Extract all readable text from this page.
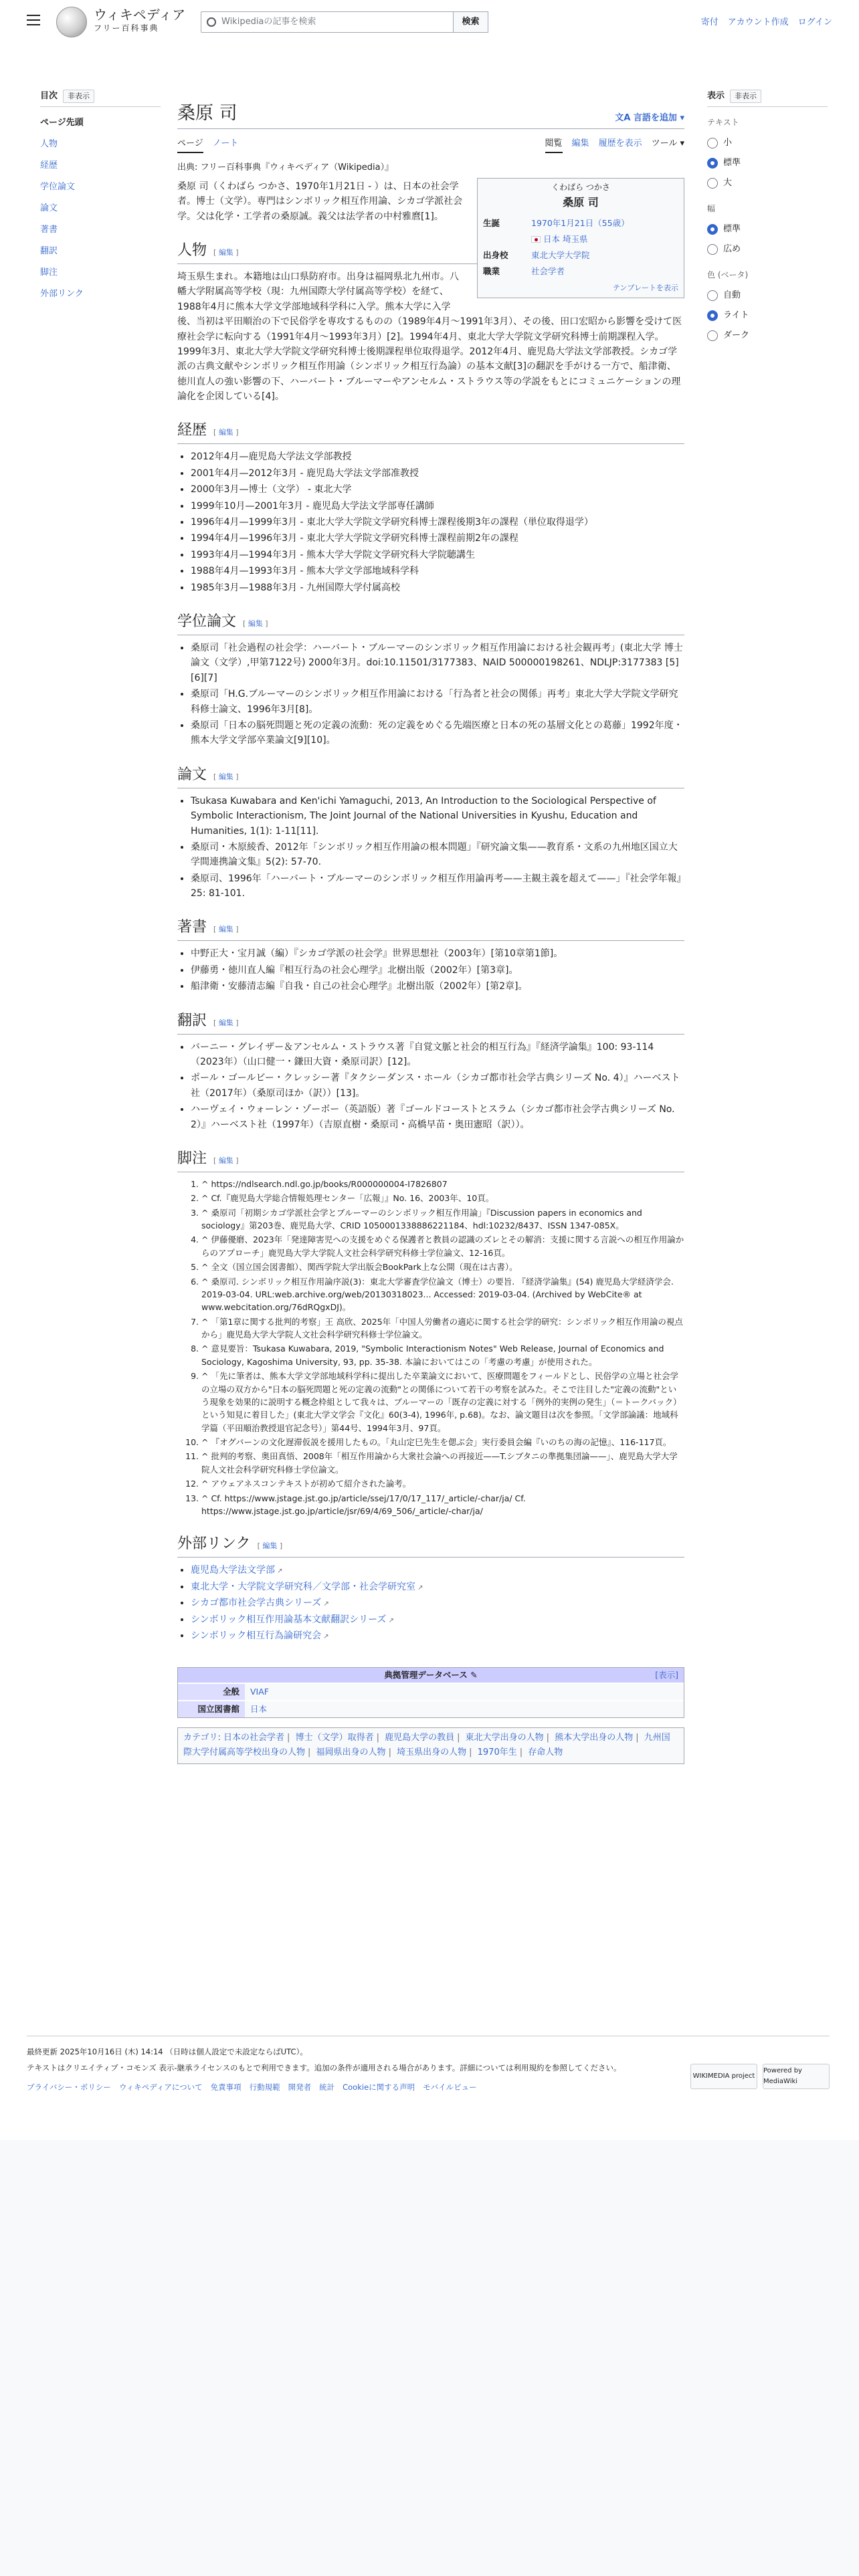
ウィキペディア
フリー百科事典
Wikipediaの記事を検索	検索	寄付 アカウント作成 ログイン
目次	非表示
ページ先頭
人物
経歴
学位論文
論文
著書
翻訳
脚注
外部リンク
桑原 司	文A 言語を追加 ▾
ページ ノート	閲覧 編集 履歴を表示 ツール ▾
出典: フリー百科事典『ウィキペディア（Wikipedia）』
くわばら つかさ
桑原 司
生誕	1970年1月21日（55歳）
	日本 埼玉県
出身校	東北大学大学院
職業	社会学者
テンプレートを表示

桑原 司（くわばら つかさ、1970年1月21日 - ）は、日本の社会学者。博士（文学）。専門はシンボリック相互作用論、シカゴ学派社会学。父は化学・工学者の桑原誠。義父は法学者の中村雅麿[1]。

人物 [ 編集 ]

埼玉県生まれ。本籍地は山口県防府市。出身は福岡県北九州市。八幡大学附属高等学校（現：九州国際大学付属高等学校）を経て、1988年4月に熊本大学文学部地域科学科に入学。熊本大学に入学後、当初は平田順治の下で民俗学を専攻するものの（1989年4月～1991年3月）、その後、田口宏昭から影響を受けて医療社会学に転向する（1991年4月～1993年3月）[2]。1994年4月、東北大学大学院文学研究科博士前期課程入学。1999年3月、東北大学大学院文学研究科博士後期課程単位取得退学。2012年4月、鹿児島大学法文学部教授。シカゴ学派の古典文献やシンボリック相互作用論（シンボリック相互行為論）の基本文献[3]の翻訳を手がける一方で、船津衛、徳川直人の強い影響の下、ハーバート・ブルーマーやアンセルム・ストラウス等の学説をもとにコミュニケーションの理論化を企図している[4]。

経歴 [ 編集 ]
• 2012年4月—鹿児島大学法文学部教授
• 2001年4月—2012年3月 - 鹿児島大学法文学部准教授
• 2000年3月—博士（文学） - 東北大学
• 1999年10月—2001年3月 - 鹿児島大学法文学部専任講師
• 1996年4月—1999年3月 - 東北大学大学院文学研究科博士課程後期3年の課程（単位取得退学）
• 1994年4月—1996年3月 - 東北大学大学院文学研究科博士課程前期2年の課程
• 1993年4月—1994年3月 - 熊本大学大学院文学研究科大学院聴講生
• 1988年4月—1993年3月 - 熊本大学文学部地域科学科
• 1985年3月—1988年3月 - 九州国際大学付属高校
学位論文 [ 編集 ]
• 桑原司「社会過程の社会学：ハーバート・ブルーマーのシンボリック相互作用論における社会観再考」(東北大学 博士論文（文学）,甲第7122号) 2000年3月。doi:10.11501/3177383、NAID 500000198261、NDLJP:3177383 [5][6][7]
• 桑原司「H.G.ブルーマーのシンボリック相互作用論における「行為者と社会の関係」再考」東北大学大学院文学研究科修士論文、1996年3月[8]。
• 桑原司「日本の脳死問題と死の定義の流動：死の定義をめぐる先端医療と日本の死の基層文化との葛藤」1992年度・熊本大学文学部卒業論文[9][10]。
論文 [ 編集 ]
• Tsukasa Kuwabara and Ken'ichi Yamaguchi, 2013, An Introduction to the Sociological Perspective of Symbolic Interactionism, The Joint Journal of the National Universities in Kyushu, Education and Humanities, 1(1): 1-11[11].
• 桑原司・木原綾香、2012年「シンボリック相互作用論の根本問題」『研究論文集——教育系・文系の九州地区国立大学間連携論文集』5(2): 57-70.
• 桑原司、1996年「ハーバート・ブルーマーのシンボリック相互作用論再考——主観主義を超えて——」『社会学年報』25: 81-101.
著書 [ 編集 ]
• 中野正大・宝月誠（編）『シカゴ学派の社会学』世界思想社（2003年）[第10章第1節]。
• 伊藤勇・徳川直人編『相互行為の社会心理学』北樹出版（2002年）[第3章]。
• 船津衛・安藤清志編『自我・自己の社会心理学』北樹出版（2002年）[第2章]。
翻訳 [ 編集 ]
• バーニー・グレイザー＆アンセルム・ストラウス著『自覚文脈と社会的相互行為』『経済学論集』100: 93-114（2023年）（山口健一・鎌田大資・桑原司訳）[12]。
• ポール・ゴールビー・クレッシー著『タクシーダンス・ホール（シカゴ都市社会学古典シリーズ No. 4）』ハーベスト社（2017年）（桑原司ほか（訳））[13]。
• ハーヴェイ・ウォーレン・ゾーボー（英語版）著『ゴールドコーストとスラム（シカゴ都市社会学古典シリーズ No. 2）』ハーベスト社（1997年）（吉原直樹・桑原司・高橋早苗・奥田憲昭（訳））。
脚注 [ 編集 ]
1. ^ https://ndlsearch.ndl.go.jp/books/R000000004-I7826807
2. ^ Cf.『鹿児島大学総合情報処理センター「広報」』No. 16、2003年、10頁。
3. ^ 桑原司「初期シカゴ学派社会学とブルーマーのシンボリック相互作用論」『Discussion papers in economics and sociology』第203巻、鹿児島大学、CRID 1050001338886221184、hdl:10232/8437、ISSN 1347-085X。
4. ^ 伊藤優磨、2023年「発達障害児への支援をめぐる保護者と教員の認識のズレとその解消：支援に関する言説への相互作用論からのアプローチ」鹿児島大学大学院人文社会科学研究科修士学位論文、12-16頁。
5. ^ 全文（国立国会図書館）、関西学院大学出版会BookPark上な公開（現在は古書）。
6. ^ 桑原司. シンボリック相互作用論序説(3)：東北大学審査学位論文（博士）の要旨. 『経済学論集』(54) 鹿児島大学経済学会. 2019-03-04. URL:web.archive.org/web/20130318023... Accessed: 2019-03-04. (Archived by WebCite® at www.webcitation.org/76dRQgxDJ)。
7. ^ 「第1章に関する批判的考察」王 高欣、2025年「中国人労働者の適応に関する社会学的研究：シンボリック相互作用論の視点から」鹿児島大学大学院人文社会科学研究科修士学位論文。
8. ^ 意見要旨：Tsukasa Kuwabara, 2019, "Symbolic Interactionism Notes" Web Release, Journal of Economics and Sociology, Kagoshima University, 93, pp. 35-38. 本論においてはこの「考慮の考慮」が使用された。
9. ^ 「先に筆者は、熊本大学文学部地域科学科に提出した卒業論文において、医療問題をフィールドとし、民俗学の立場と社会学の立場の双方から"日本の脳死問題と死の定義の流動"との関係について若干の考察を試みた。そこで注目した"定義の流動"という現象を効果的に説明する概念枠組として我々は、ブルーマーの「既存の定義に対する「例外的実例の発生」（＝トークバック）という知見に着目した」(東北大学文学会『文化』60(3-4), 1996年, p.68)。なお、論文題目は次を参照。「文学部論議：地域科学篇（平田順治教授退官記念号）」第44号、1994年3月、97頁。
10. ^ 『オグバーンの文化遅滞仮説を援用したもの。「丸山定巳先生を偲ぶ会」実行委員会編『いのちの海の記憶』、116-117頁。
11. ^ 批判的考察、奥田真悟、2008年「相互作用論から大衆社会論への再接近——T.シブタニの準拠集団論——」、鹿児島大学大学院人文社会科学研究科修士学位論文。
12. ^ アウェアネスコンテキストが初めて紹介された論考。
13. ^ Cf. https://www.jstage.jst.go.jp/article/ssej/17/0/17_117/_article/-char/ja/ Cf. https://www.jstage.jst.go.jp/article/jsr/69/4/69_506/_article/-char/ja/
外部リンク [ 編集 ]
• 鹿児島大学法文学部 ↗
• 東北大学・大学院文学研究科／文学部・社会学研究室 ↗
• シカゴ都市社会学古典シリーズ ↗
• シンボリック相互作用論基本文献翻訳シリーズ ↗
• シンボリック相互行為論研究会 ↗
典拠管理データベース ✎	[表示]
全般	VIAF
国立図書館	日本
カテゴリ: 日本の社会学者 | 博士（文学）取得者 | 鹿児島大学の教員 | 東北大学出身の人物 | 熊本大学出身の人物 | 九州国際大学付属高等学校出身の人物 | 福岡県出身の人物 | 埼玉県出身の人物 | 1970年生 | 存命人物
表示	非表示
テキスト
小
標準
大
幅
標準
広め
色 (ベータ)
自動
ライト
ダーク
最終更新 2025年10月16日 (木) 14:14 （日時は個人設定で未設定ならばUTC）。
テキストはクリエイティブ・コモンズ 表示-継承ライセンスのもとで利用できます。追加の条件が適用される場合があります。詳細については利用規約を参照してください。
プライバシー・ポリシー ウィキペディアについて 免責事項 行動規範 開発者 統計 Cookieに関する声明 モバイルビュー
WIKIMEDIA project
Powered by MediaWiki
